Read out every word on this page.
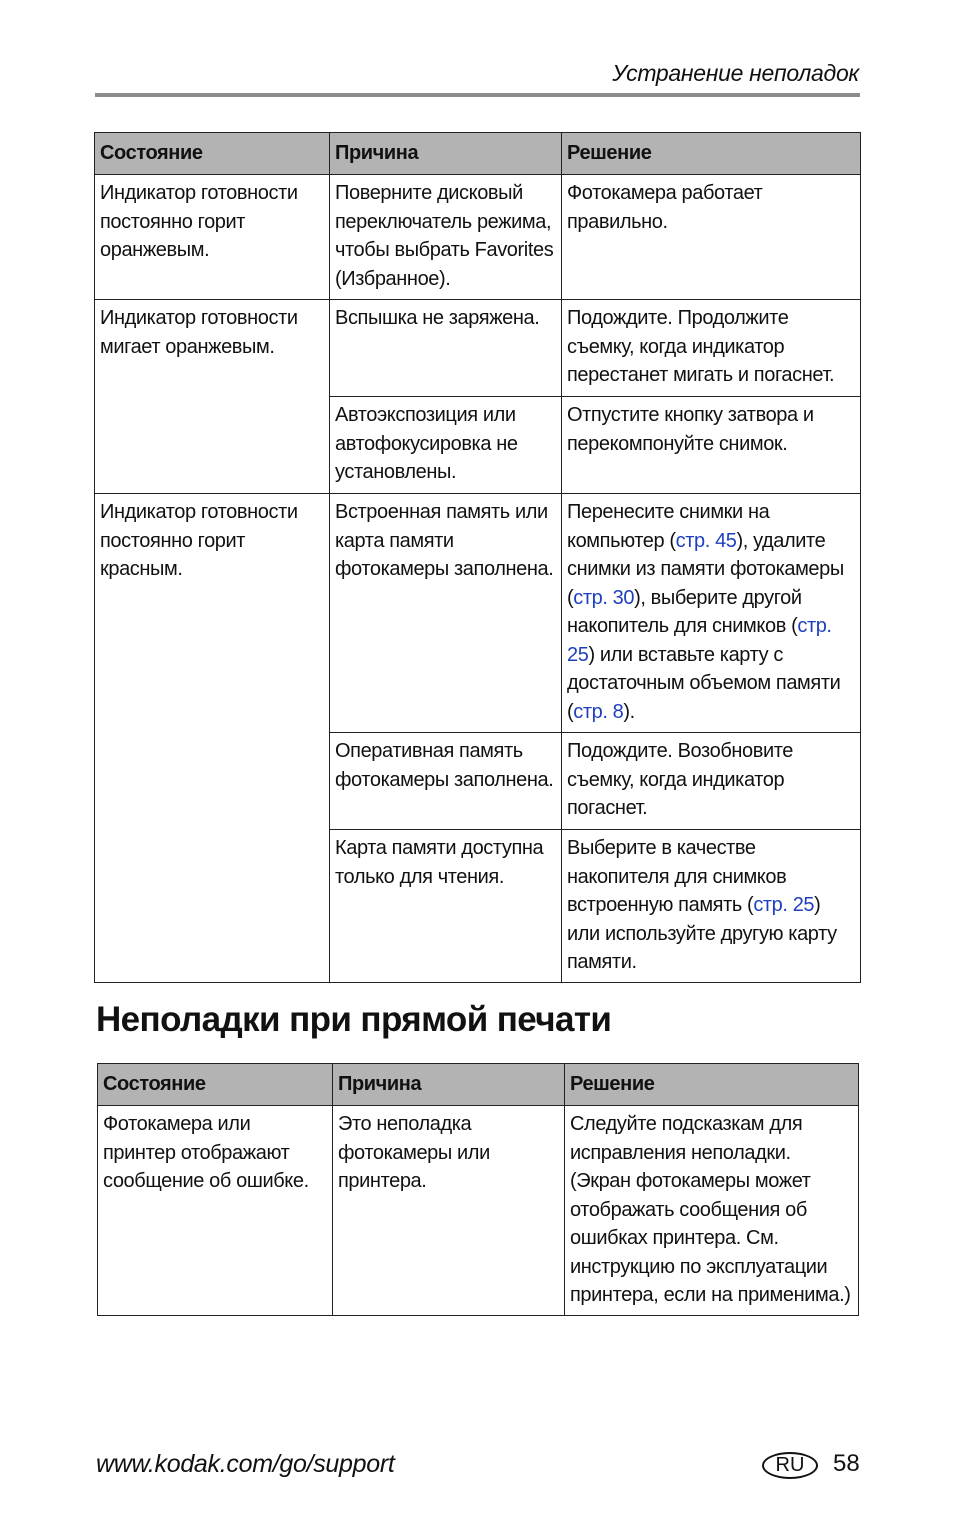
Устранение неполадок
Состояние	Причина	Решение
Индикатор готовности постоянно горит оранжевым.	Поверните дисковый переключатель режима, чтобы выбрать Favorites (Избранное).	Фотокамера работает правильно.
Индикатор готовности мигает оранжевым.	Вспышка не заряжена.	Подождите. Продолжите съемку, когда индикатор перестанет мигать и погаснет.
	Автоэкспозиция или автофокусировка не установлены.	Отпустите кнопку затвора и перекомпонуйте снимок.
Индикатор готовности постоянно горит красным.	Встроенная память или карта памяти фотокамеры заполнена.	Перенесите снимки на компьютер (стр. 45), удалите снимки из памяти фотокамеры (стр. 30), выберите другой накопитель для снимков (стр. 25) или вставьте карту с достаточным объемом памяти (стр. 8).
	Оперативная память фотокамеры заполнена.	Подождите. Возобновите съемку, когда индикатор погаснет.
	Карта памяти доступна только для чтения.	Выберите в качестве накопителя для снимков встроенную память (стр. 25) или используйте другую карту памяти.
Неполадки при прямой печати
Состояние	Причина	Решение
Фотокамера или принтер отображают сообщение об ошибке.	Это неполадка фотокамеры или принтера.	Следуйте подсказкам для исправления неполадки. (Экран фотокамеры может отображать сообщения об ошибках принтера. См. инструкцию по эксплуатации принтера, если на применима.)
www.kodak.com/go/support	RU	58
